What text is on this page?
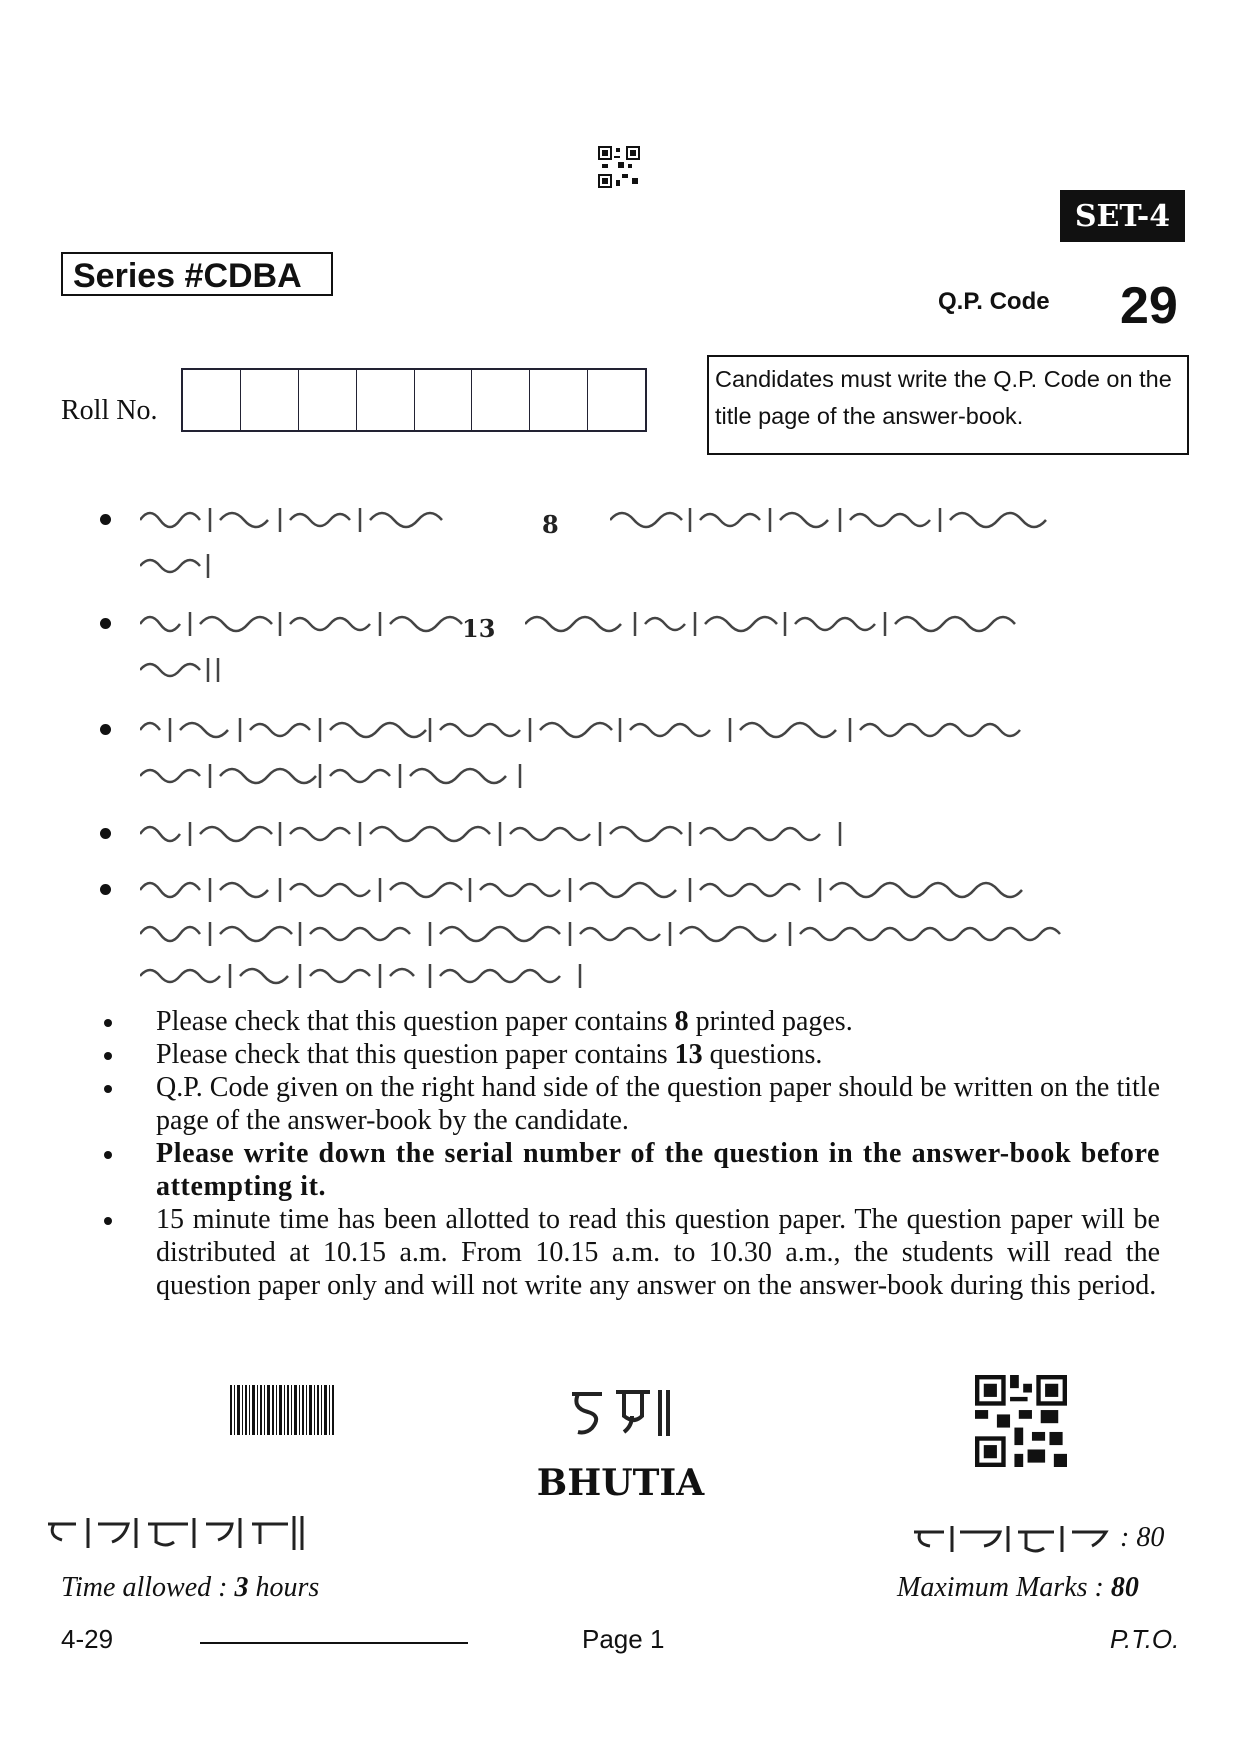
SET-4
Series #CDBA
Q.P. Code 29
Roll No.
Candidates must write the Q.P. Code on the title page of the answer-book.
8
13
Please check that this question paper contains 8 printed pages.
Please check that this question paper contains 13 questions.
Q.P. Code given on the right hand side of the question paper should be written on the title page of the answer-book by the candidate.
Please write down the serial number of the question in the answer-book before attempting it.
15 minute time has been allotted to read this question paper. The question paper will be distributed at 10.15 a.m. From 10.15 a.m. to 10.30 a.m., the students will read the question paper only and will not write any answer on the answer-book during this period.
BHUTIA
: 80
Time allowed : 3 hours	Maximum Marks : 80
4-29	Page 1	P.T.O.
